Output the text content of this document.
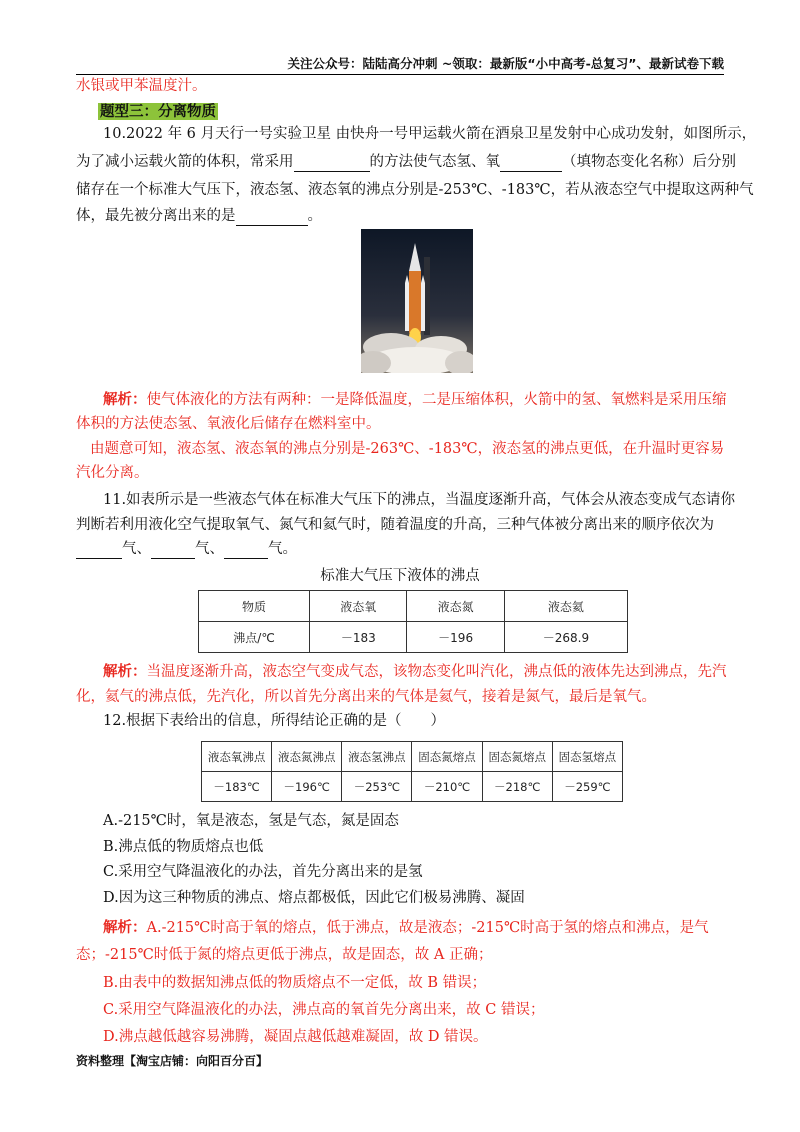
关注公众号：陆陆高分冲刺 ~领取：最新版“小中高考-总复习”、最新试卷下载
水银或甲苯温度汁。
题型三：分离物质
10.2022 年 6 月天行一号实验卫星 由快舟一号甲运载火箭在酒泉卫星发射中心成功发射，如图所示，
为了减小运载火箭的体积，常采用	的方法使气态氢、氧	（填物态变化名称）后分别
储存在一个标准大气压下，液态氢、液态氧的沸点分别是-253℃、-183℃，若从液态空气中提取这两种气
体，最先被分离出来的是	。
解析：使气体液化的方法有两种：一是降低温度，二是压缩体积，火箭中的氢、氧燃料是采用压缩
体积的方法使态氢、氧液化后储存在燃料室中。
由题意可知，液态氢、液态氧的沸点分别是-263℃、-183℃，液态氢的沸点更低，在升温时更容易
汽化分离。
11.如表所示是一些液态气体在标准大气压下的沸点，当温度逐渐升高，气体会从液态变成气态请你
判断若利用液化空气提取氧气、氮气和氦气时，随着温度的升高，三种气体被分离出来的顺序依次为
气、	气、	气。
标准大气压下液体的沸点
物质	液态氧	液态氮	液态氦
沸点/℃	－183	－196	－268.9
解析：当温度逐渐升高，液态空气变成气态，该物态变化叫汽化，沸点低的液体先达到沸点，先汽
化，氦气的沸点低，先汽化，所以首先分离出来的气体是氦气，接着是氮气，最后是氧气。
12.根据下表给出的信息，所得结论正确的是（　　）
液态氧沸点	液态氮沸点	液态氢沸点	固态氮熔点	固态氮熔点	固态氢熔点
－183℃	－196℃	－253℃	－210℃	－218℃	－259℃
A.-215℃时，氧是液态，氢是气态，氮是固态
B.沸点低的物质熔点也低
C.采用空气降温液化的办法，首先分离出来的是氢
D.因为这三种物质的沸点、熔点都极低，因此它们极易沸腾、凝固
解析：A.-215℃时高于氧的熔点，低于沸点，故是液态；-215℃时高于氢的熔点和沸点，是气
态；-215℃时低于氮的熔点更低于沸点，故是固态，故 A 正确；
B.由表中的数据知沸点低的物质熔点不一定低，故 B 错误；
C.采用空气降温液化的办法，沸点高的氧首先分离出来，故 C 错误；
D.沸点越低越容易沸腾，凝固点越低越难凝固，故 D 错误。
资料整理【淘宝店铺：向阳百分百】
